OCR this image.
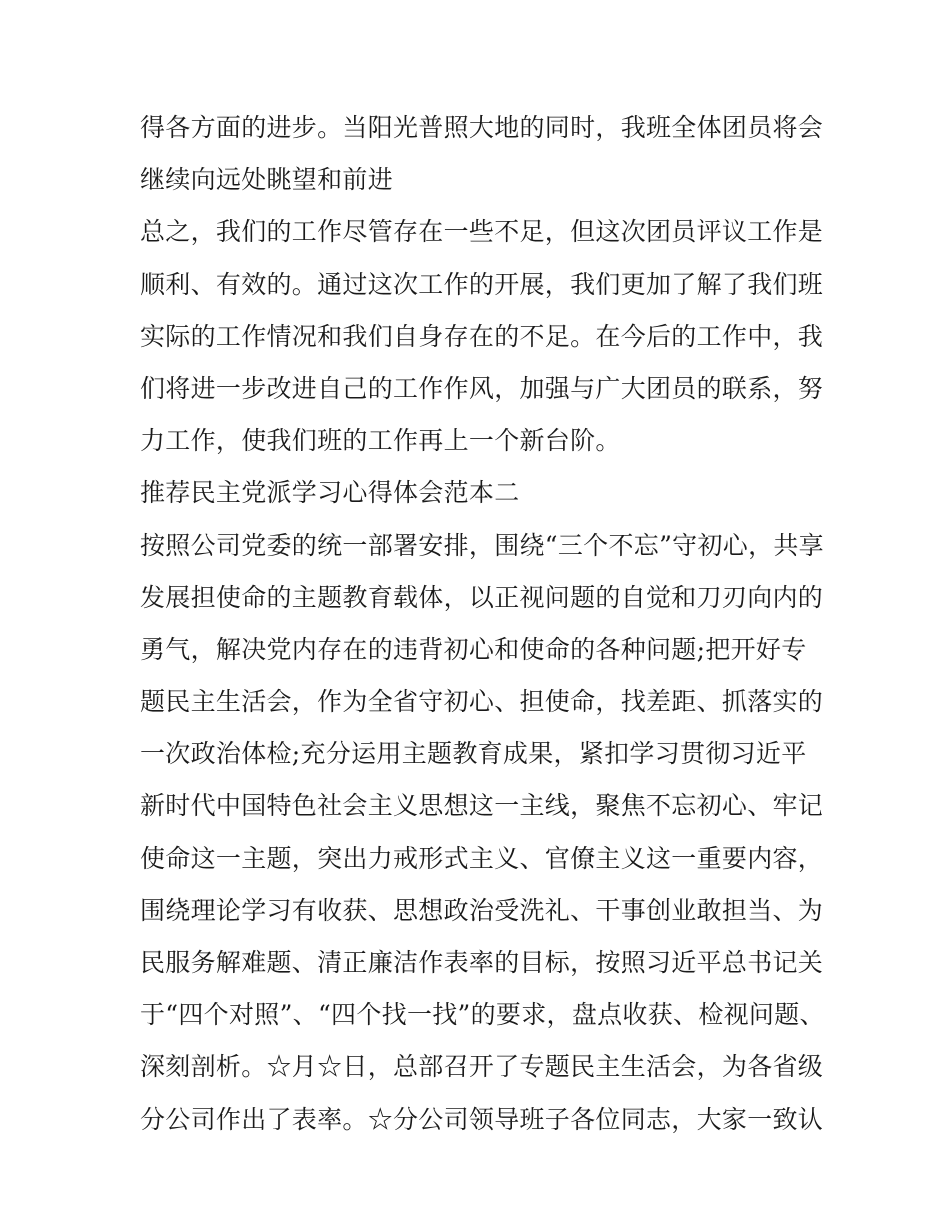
得各方面的进步。当阳光普照大地的同时，我班全体团员将会
继续向远处眺望和前进
总之，我们的工作尽管存在一些不足，但这次团员评议工作是
顺利、有效的。通过这次工作的开展，我们更加了解了我们班
实际的工作情况和我们自身存在的不足。在今后的工作中，我
们将进一步改进自己的工作作风，加强与广大团员的联系，努
力工作，使我们班的工作再上一个新台阶。
推荐民主党派学习心得体会范本二
按照公司党委的统一部署安排，围绕“三个不忘”守初心，共享
发展担使命的主题教育载体，以正视问题的自觉和刀刃向内的
勇气，解决党内存在的违背初心和使命的各种问题;把开好专
题民主生活会，作为全省守初心、担使命，找差距、抓落实的
一次政治体检;充分运用主题教育成果，紧扣学习贯彻习近平
新时代中国特色社会主义思想这一主线，聚焦不忘初心、牢记
使命这一主题，突出力戒形式主义、官僚主义这一重要内容，
围绕理论学习有收获、思想政治受洗礼、干事创业敢担当、为
民服务解难题、清正廉洁作表率的目标，按照习近平总书记关
于“四个对照”、“四个找一找”的要求，盘点收获、检视问题、
深刻剖析。☆月☆日，总部召开了专题民主生活会，为各省级
分公司作出了表率。☆分公司领导班子各位同志，大家一致认
